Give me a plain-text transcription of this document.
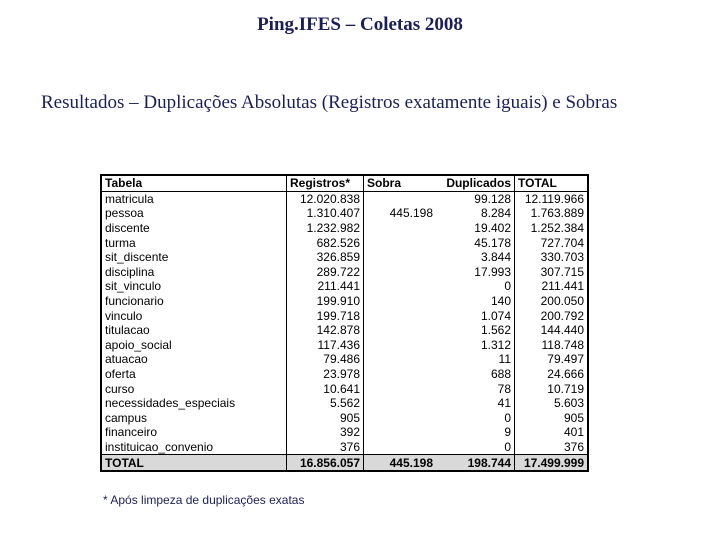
Ping.IFES – Coletas 2008
Resultados – Duplicações Absolutas (Registros exatamente iguais) e Sobras
Tabela	Registros*	Sobra	Duplicados	TOTAL
matricula	12.020.838		99.128	12.119.966
pessoa	1.310.407	445.198	8.284	1.763.889
discente	1.232.982		19.402	1.252.384
turma	682.526		45.178	727.704
sit_discente	326.859		3.844	330.703
disciplina	289.722		17.993	307.715
sit_vinculo	211.441		0	211.441
funcionario	199.910		140	200.050
vinculo	199.718		1.074	200.792
titulacao	142.878		1.562	144.440
apoio_social	117.436		1.312	118.748
atuacao	79.486		11	79.497
oferta	23.978		688	24.666
curso	10.641		78	10.719
necessidades_especiais	5.562		41	5.603
campus	905		0	905
financeiro	392		9	401
instituicao_convenio	376		0	376
TOTAL	16.856.057	445.198	198.744	17.499.999
* Após limpeza de duplicações exatas
